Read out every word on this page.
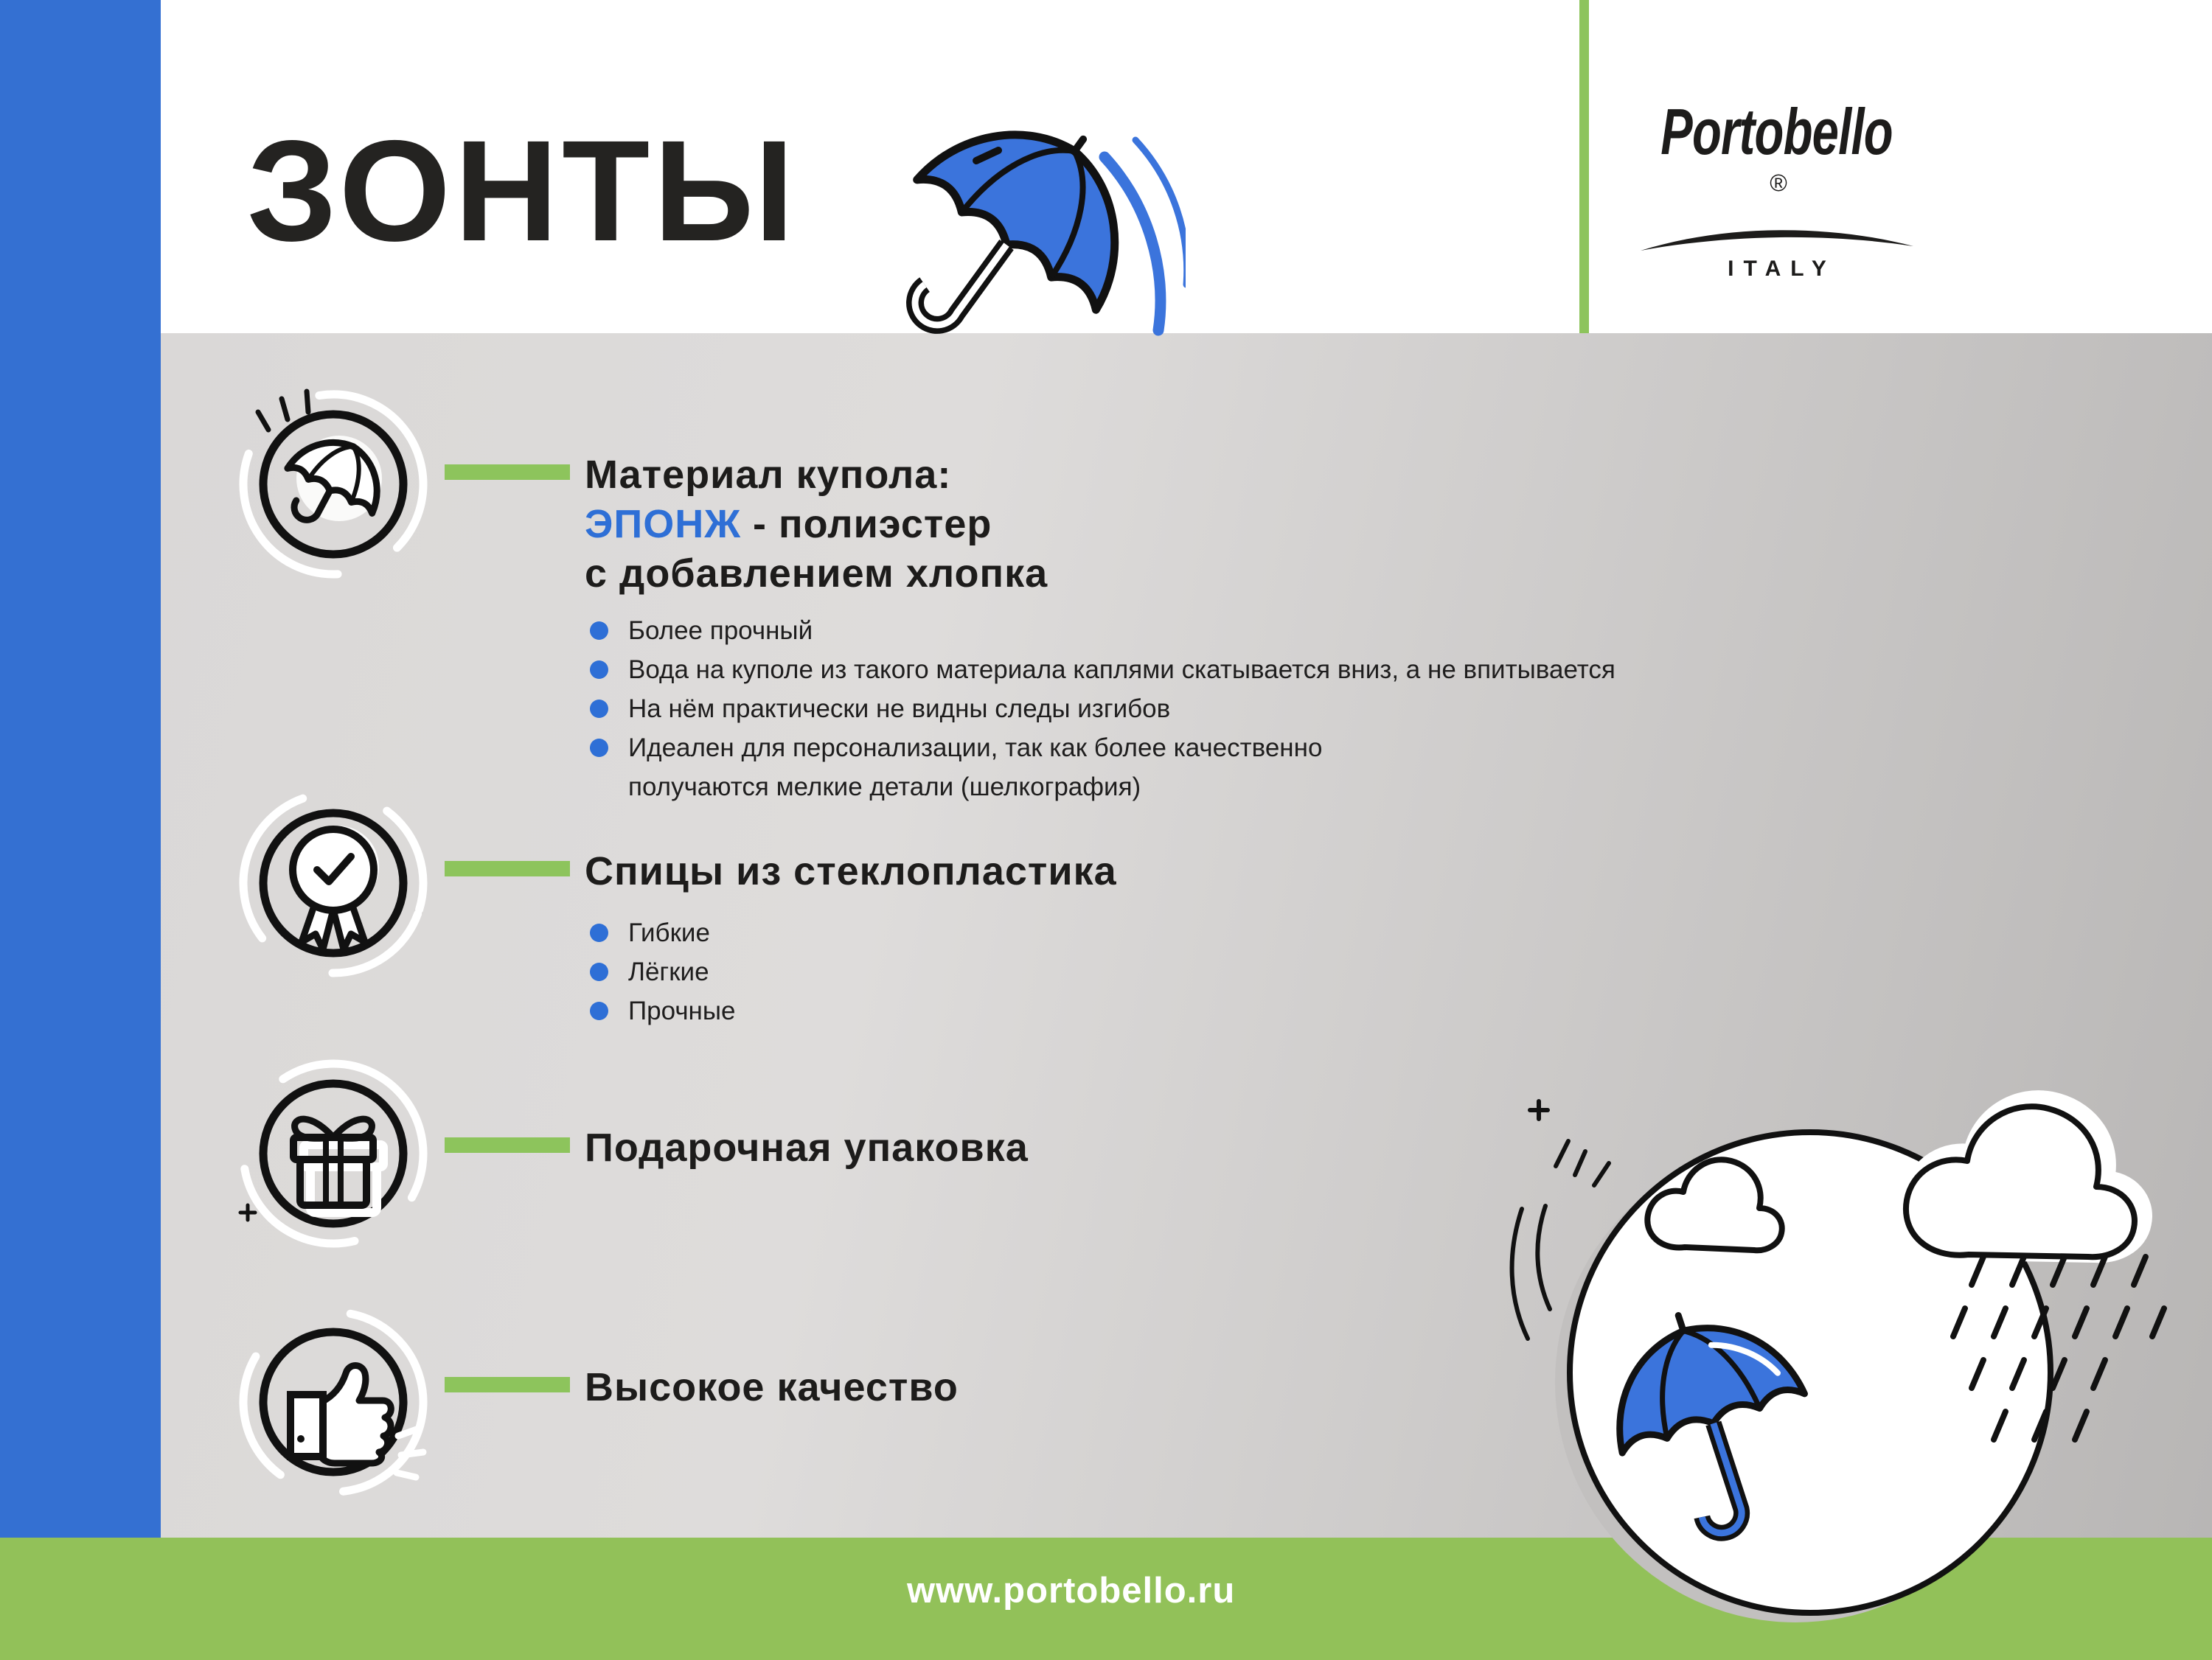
ЗОНТЫ	Portobello®
ITALY
Материал купола:
ЭПОНЖ - полиэстер
с добавлением хлопка
Более прочный
Вода на куполе из такого материала каплями скатывается вниз, а не впитывается
На нём практически не видны следы изгибов
Идеален для персонализации, так как более качественно
получаются мелкие детали (шелкография)
Спицы из стеклопластика
Гибкие
Лёгкие
Прочные
Подарочная упаковка
Высокое качество
www.portobello.ru
